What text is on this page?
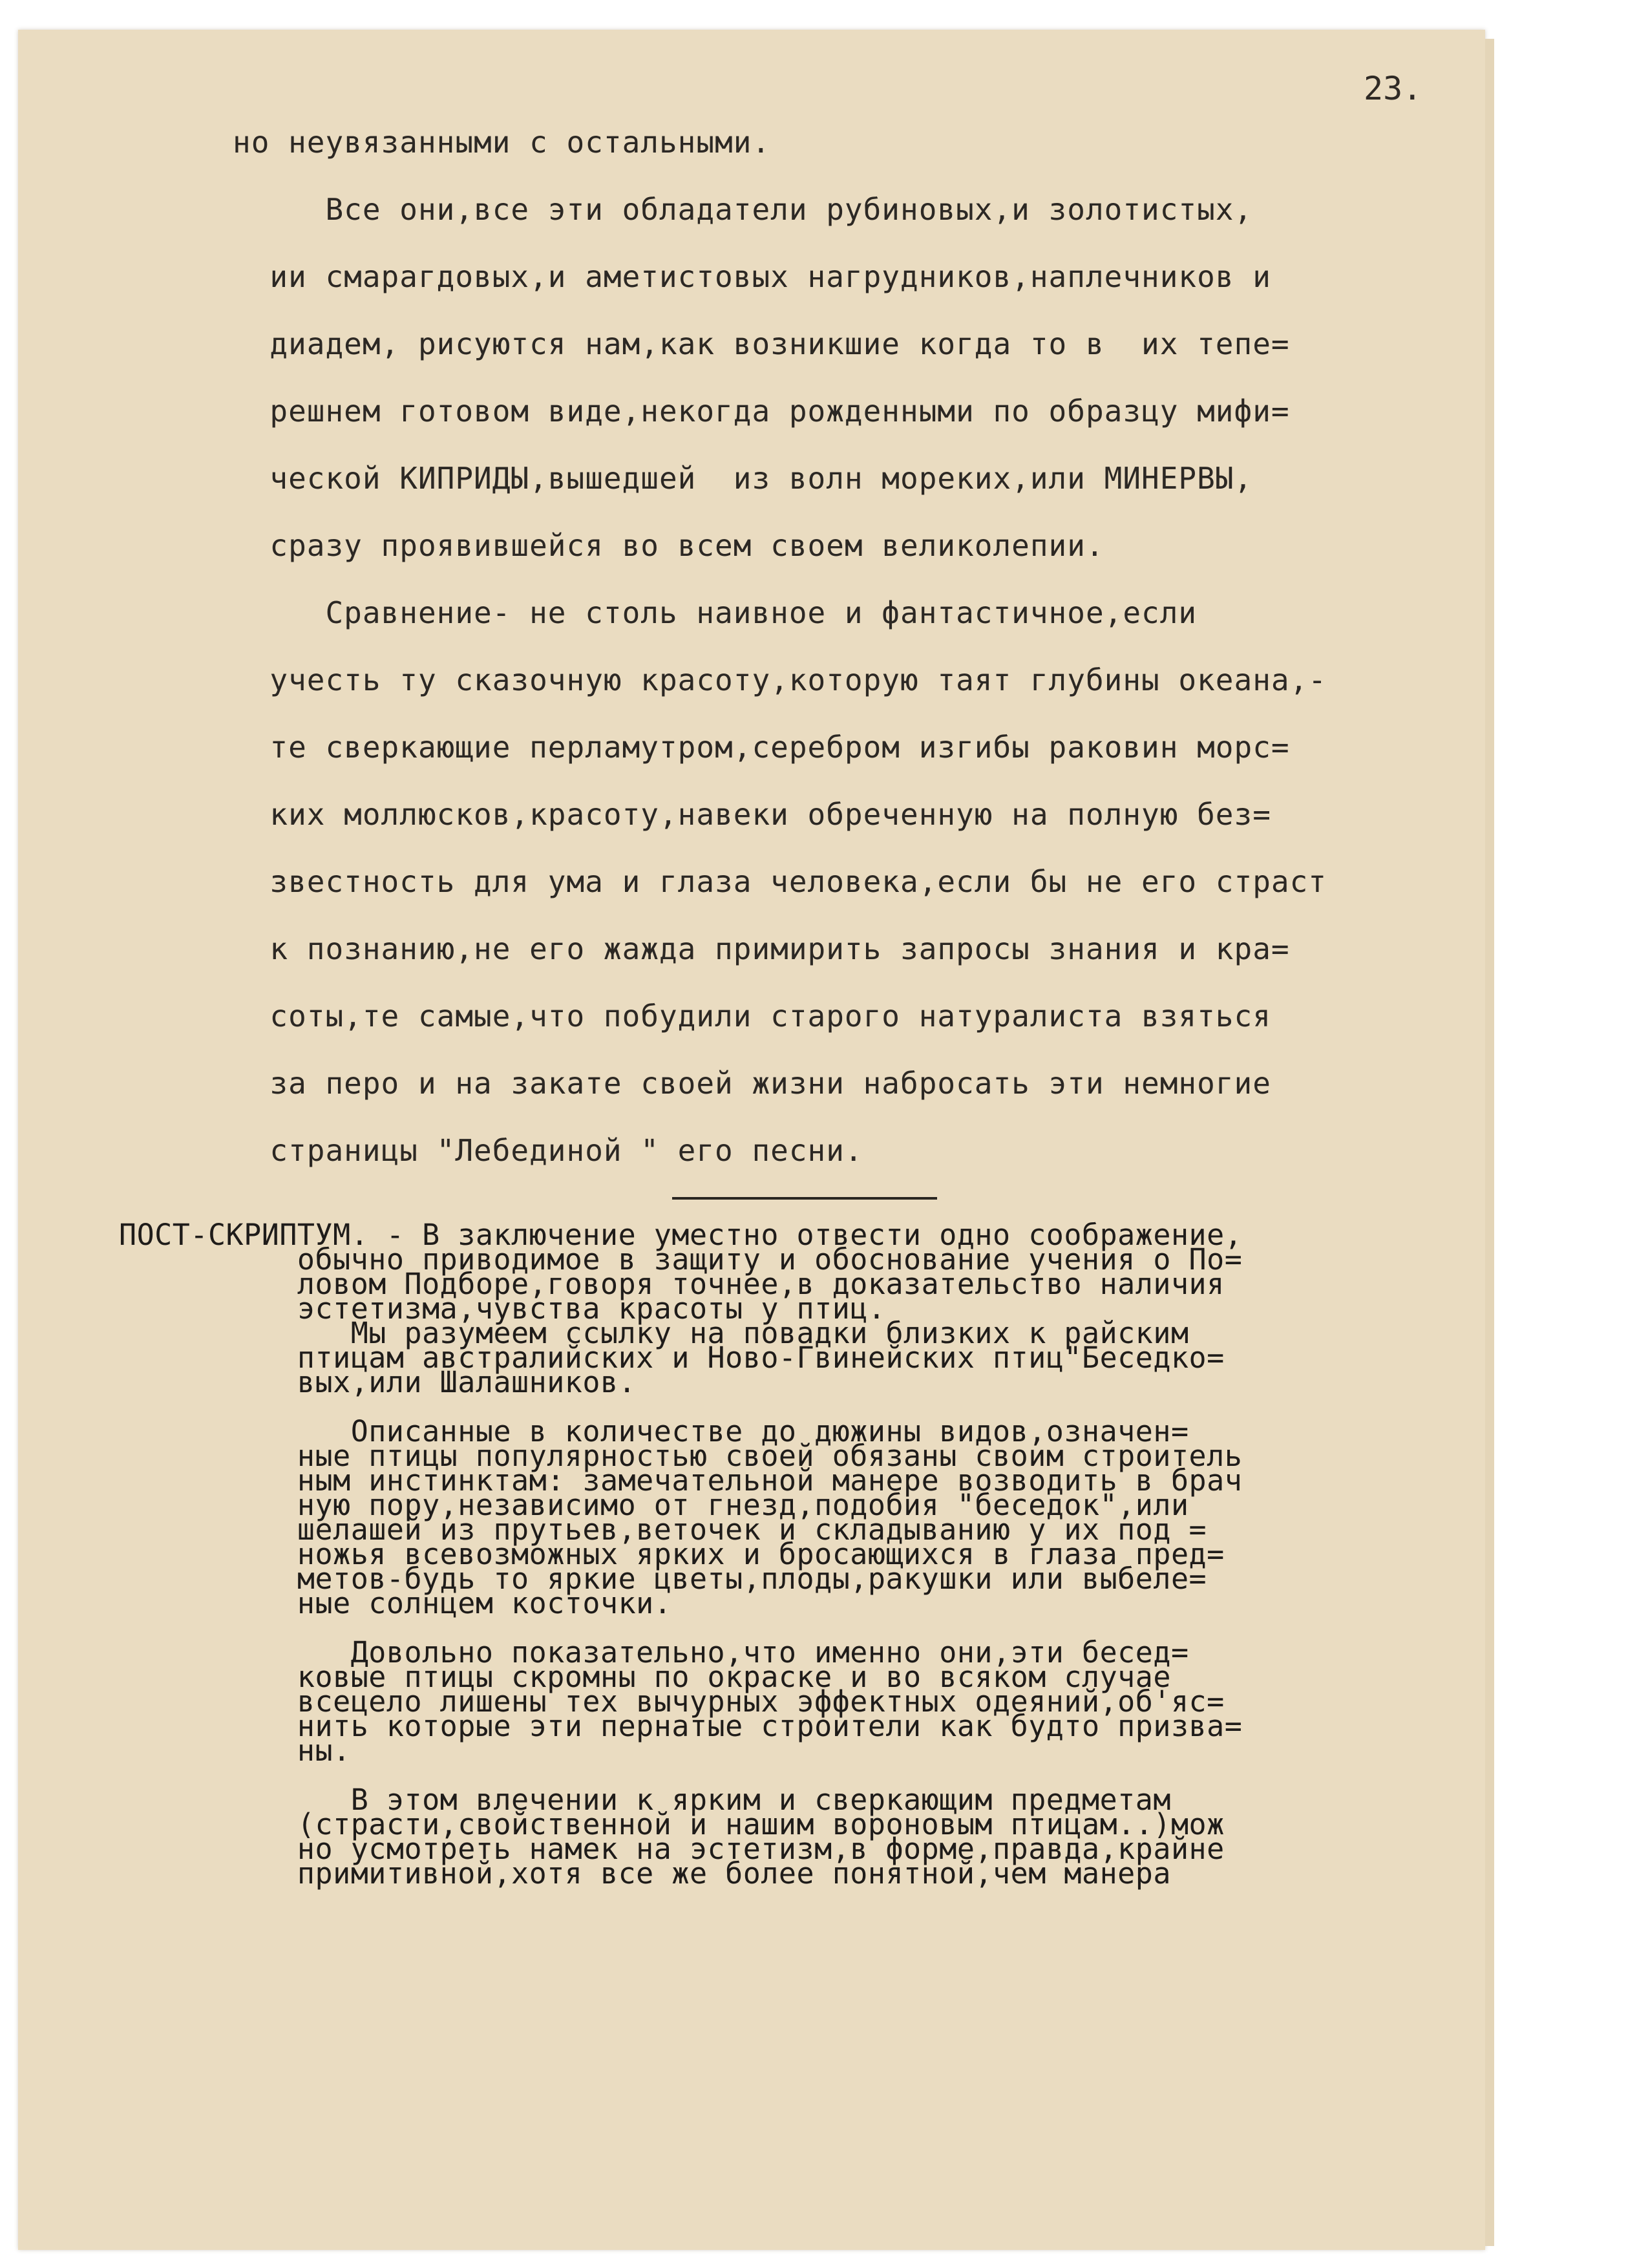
23.
но неувязанными с остальными.
Все они,все эти обладатели рубиновых,и золотистых,
ии смарагдовых,и аметистовых нагрудников,наплечников и
диадем, рисуются нам,как возникшие когда то в  их тепе=
решнем готовом виде,некогда рожденными по образцу мифи=
ческой КИПРИДЫ,вышедшей  из волн мореких,или МИНЕРВЫ,
сразу проявившейся во всем своем великолепии.
Сравнение- не столь наивное и фантастичное,если
учесть ту сказочную красоту,которую таят глубины океана,-
те сверкающие перламутром,серебром изгибы раковин морс=
ких моллюсков,красоту,навеки обреченную на полную без=
звестность для ума и глаза человека,если бы не его страст
к познанию,не его жажда примирить запросы знания и кра=
соты,те самые,что побудили старого натуралиста взяться
за перо и на закате своей жизни набросать эти немногие
страницы "Лебединой " его песни.
ПОСТ-СКРИПТУМ. - В заключение уместно отвести одно соображение,
обычно приводимое в защиту и обоснование учения о По=
ловом Подборе,говоря точнее,в доказательство наличия
эстетизма,чувства красоты у птиц.
Мы разумеем ссылку на повадки близких к райским
птицам австралийских и Ново-Гвинейских птиц"Беседко=
вых,или Шалашников.
Описанные в количестве до дюжины видов,означен=
ные птицы популярностью своей обязаны своим строитель
ным инстинктам: замечательной манере возводить в брач
ную пору,независимо от гнезд,подобия "беседок",или
шелашей из прутьев,веточек и складыванию у их под =
ножья всевозможных ярких и бросающихся в глаза пред=
метов-будь то яркие цветы,плоды,ракушки или выбеле=
ные солнцем косточки.
Довольно показательно,что именно они,эти бесед=
ковые птицы скромны по окраске и во всяком случае
всецело лишены тех вычурных эффектных одеяний,об'яс=
нить которые эти пернатые строители как будто призва=
ны.
В этом влечении к ярким и сверкающим предметам
(страсти,свойственной и нашим вороновым птицам..)мож
но усмотреть намек на эстетизм,в форме,правда,крайне
примитивной,хотя все же более понятной,чем манера
